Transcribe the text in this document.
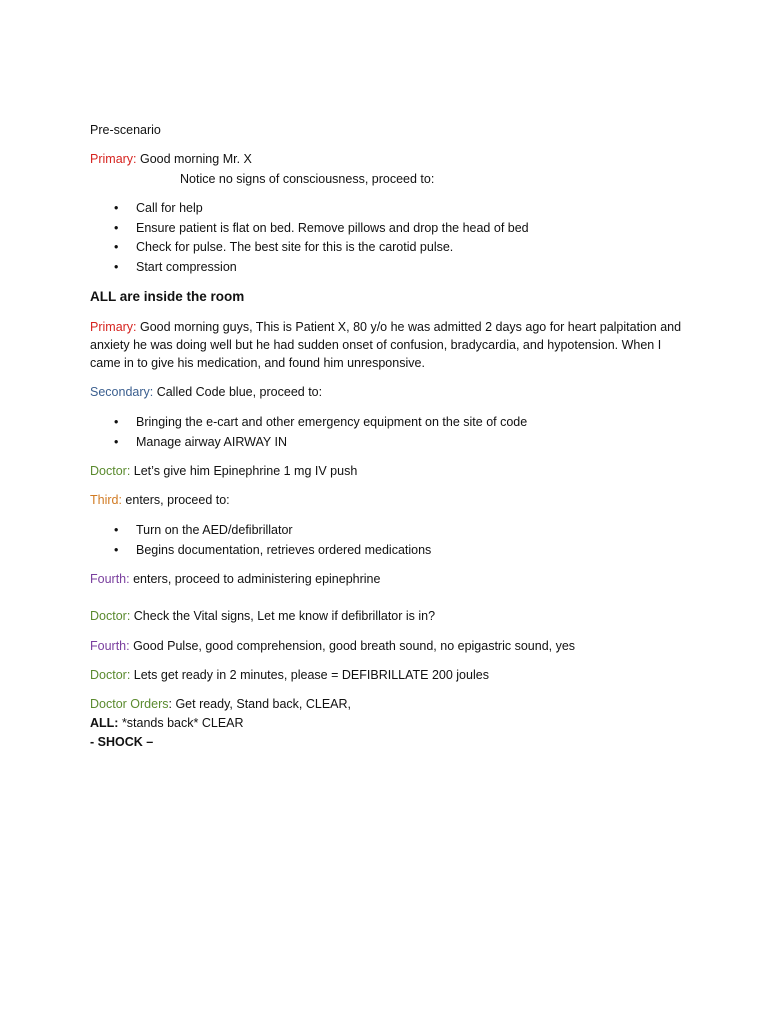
Pre-scenario
Primary: Good morning Mr. X
Notice no signs of consciousness, proceed to:
• Call for help
• Ensure patient is flat on bed. Remove pillows and drop the head of bed
• Check for pulse. The best site for this is the carotid pulse.
• Start compression
ALL are inside the room
Primary: Good morning guys, This is Patient X, 80 y/o he was admitted 2 days ago for heart palpitation and anxiety he was doing well but he had sudden onset of confusion, bradycardia, and hypotension. When I came in to give his medication, and found him unresponsive.
Secondary: Called Code blue, proceed to:
• Bringing the e-cart and other emergency equipment on the site of code
• Manage airway AIRWAY IN
Doctor: Let’s give him Epinephrine 1 mg IV push
Third: enters, proceed to:
• Turn on the AED/defibrillator
• Begins documentation, retrieves ordered medications
Fourth: enters, proceed to administering epinephrine
Doctor: Check the Vital signs, Let me know if defibrillator is in?
Fourth: Good Pulse, good comprehension, good breath sound, no epigastric sound, yes
Doctor: Lets get ready in 2 minutes, please = DEFIBRILLATE 200 joules
Doctor Orders: Get ready, Stand back, CLEAR,
ALL: *stands back* CLEAR
- SHOCK –
